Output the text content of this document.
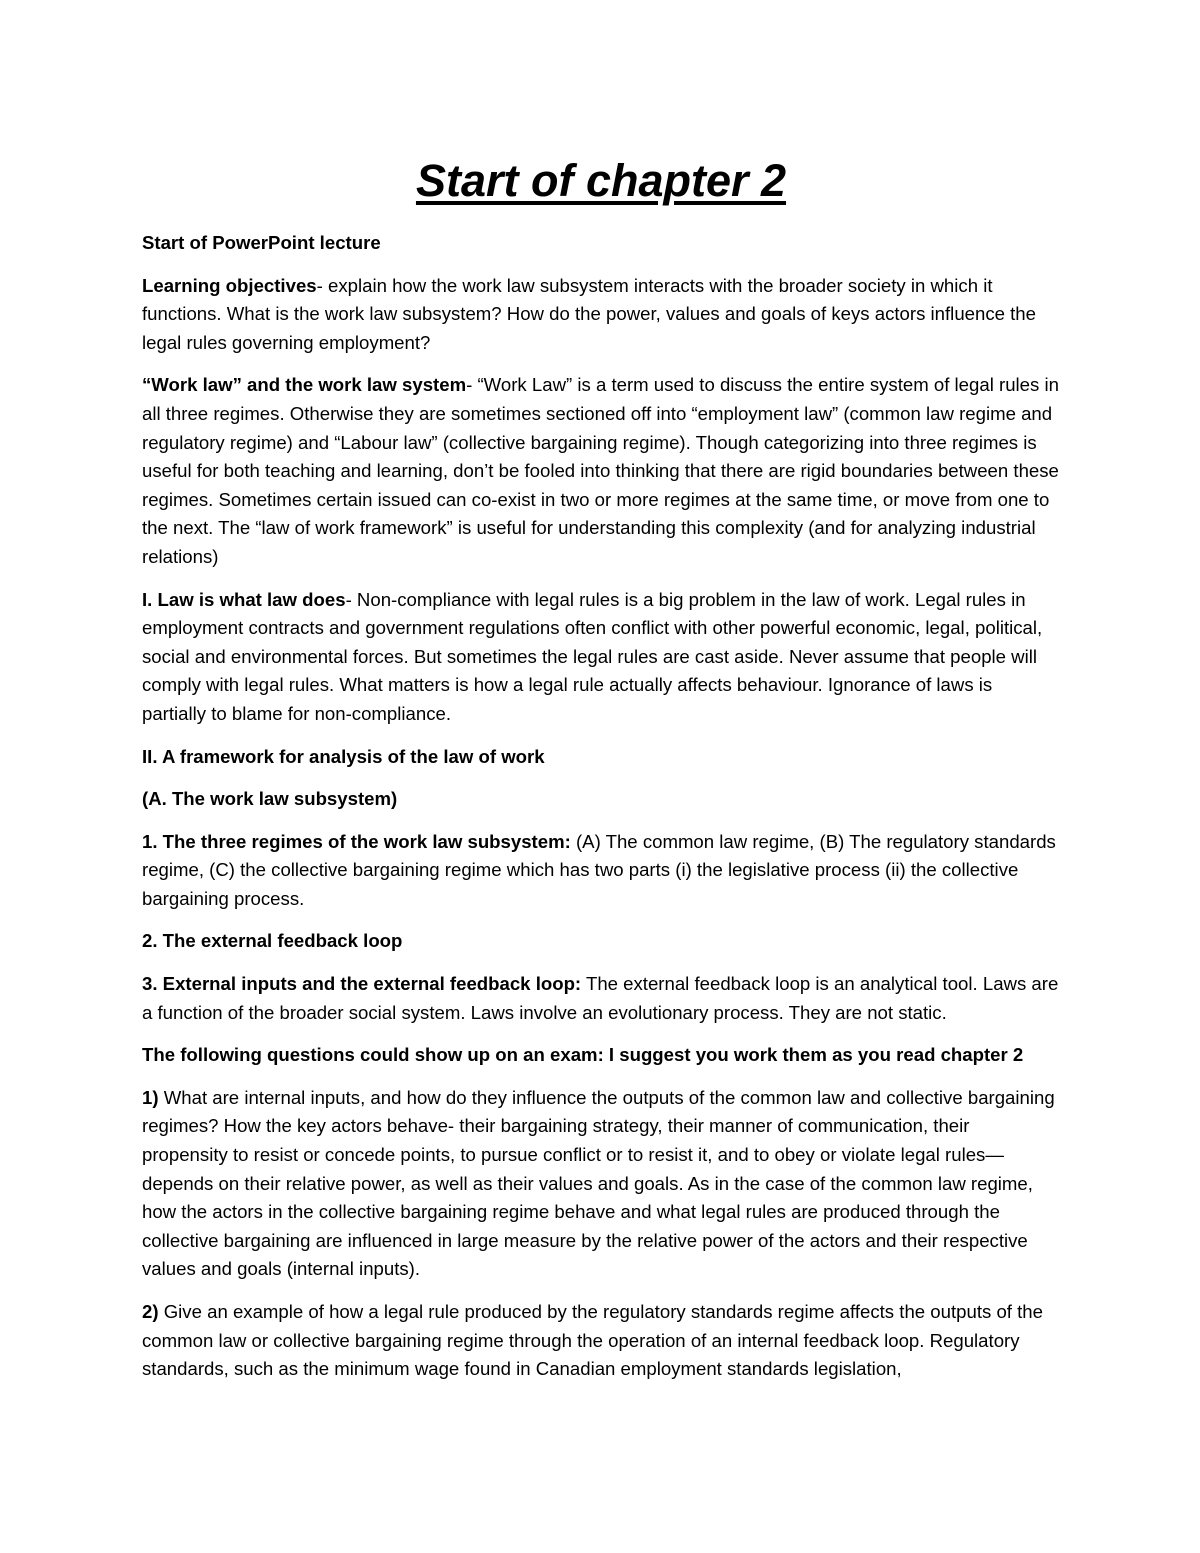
Start of chapter 2

Start of PowerPoint lecture

Learning objectives- explain how the work law subsystem interacts with the broader society in which it functions. What is the work law subsystem? How do the power, values and goals of keys actors influence the legal rules governing employment?

“Work law” and the work law system- “Work Law” is a term used to discuss the entire system of legal rules in all three regimes. Otherwise they are sometimes sectioned off into “employment law” (common law regime and regulatory regime) and “Labour law” (collective bargaining regime). Though categorizing into three regimes is useful for both teaching and learning, don’t be fooled into thinking that there are rigid boundaries between these regimes. Sometimes certain issued can co-exist in two or more regimes at the same time, or move from one to the next. The “law of work framework” is useful for understanding this complexity (and for analyzing industrial relations)

I. Law is what law does- Non-compliance with legal rules is a big problem in the law of work. Legal rules in employment contracts and government regulations often conflict with other powerful economic, legal, political, social and environmental forces. But sometimes the legal rules are cast aside. Never assume that people will comply with legal rules. What matters is how a legal rule actually affects behaviour. Ignorance of laws is partially to blame for non-compliance.

II. A framework for analysis of the law of work

(A. The work law subsystem)

1. The three regimes of the work law subsystem: (A) The common law regime, (B) The regulatory standards regime, (C) the collective bargaining regime which has two parts (i) the legislative process (ii) the collective bargaining process.

2. The external feedback loop

3. External inputs and the external feedback loop: The external feedback loop is an analytical tool. Laws are a function of the broader social system. Laws involve an evolutionary process. They are not static.

The following questions could show up on an exam: I suggest you work them as you read chapter 2

1) What are internal inputs, and how do they influence the outputs of the common law and collective bargaining regimes? How the key actors behave- their bargaining strategy, their manner of communication, their propensity to resist or concede points, to pursue conflict or to resist it, and to obey or violate legal rules—depends on their relative power, as well as their values and goals. As in the case of the common law regime, how the actors in the collective bargaining regime behave and what legal rules are produced through the collective bargaining are influenced in large measure by the relative power of the actors and their respective values and goals (internal inputs).

2) Give an example of how a legal rule produced by the regulatory standards regime affects the outputs of the common law or collective bargaining regime through the operation of an internal feedback loop. Regulatory standards, such as the minimum wage found in Canadian employment standards legislation,
